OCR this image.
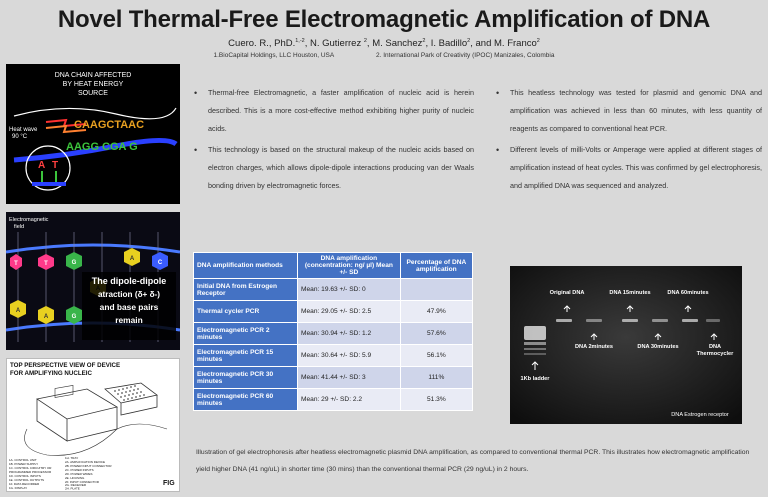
Novel Thermal-Free Electromagnetic Amplification of DNA
Cuero. R., PhD.$^{1,-2}$, N. Gutierrez $^2$, M. Sanchez$^2$, I. Badillo$^2$, and M. Franco$^2$
1.BioCapital Holdings, LLC Houston, USA	2. International Park of Creativity (IPOC) Manizales, Colombia
DNA CHAIN AFFECTED
BY HEAT ENERGY
SOURCE
Heat wave
90 °C
CAAGCTAAC
AAGG CGA G
A T
Electromagnetic
field
T	T	G
A
C
A
A	G
The dipole-dipole
atraction (δ+ δ-)
and base pairs
remain
TOP PERSPECTIVE VIEW OF DEVICE
FOR AMPLIFYING NUCLEIC
1A. CONTROL UNIT
1B. POWER SUPPLY
1C. CONTROL CIRCUITRY OR
PROGRAMMED PROCESSOR
1D. CONTROL INPUTS
1E. CONTROL OUTPUTS
1F. DATA RECORDER
1G. DISPLAY
1H. TRAY
2A. AMPLIFICATION DEVICE
2B. POWER INPUT CONNECTOR
2C. POWER INPUTS
2D. POWER WIRES
2E. HOUSING
2F. INPUT CONNECTOR
2G. RECEIVER
2H. PLATE
FIG
• Thermal-free Electromagnetic, a faster amplification of nucleic acid is herein described. This is a more cost-effective method exhibiting higher purity of nucleic acids.
• This technology is based on the structural makeup of the nucleic acids based on electron charges, which allows dipole-dipole interactions producing van der Waals bonding driven by electromagnetic forces.
• This heatless technology was tested for plasmid and genomic DNA and amplification was achieved in less than 60 minutes, with less quantity of reagents as compared to conventional heat PCR.
• Different levels of milli-Volts or Amperage were applied at different stages of amplification instead of heat cycles. This was confirmed by gel electrophoresis, and amplified DNA was sequenced and analyzed.
DNA amplification methods	DNA amplification (concentration: ng/ µl) Mean +/- SD	Percentage of DNA amplification
Initial DNA from Estrogen Receptor	Mean: 19.63 +/- SD: 0	
Thermal cycler PCR	Mean: 29.05 +/- SD: 2.5	47.9%
Electromagnetic PCR 2 minutes	Mean: 30.94 +/- SD: 1.2	57.6%
Electromagnetic PCR 15 minutes	Mean: 30.64 +/- SD: 5.9	56.1%
Electromagnetic PCR 30 minutes	Mean: 41.44 +/- SD: 3	111%
Electromagnetic PCR 60 minutes	Mean: 29 +/- SD: 2.2	51.3%
Original DNA	DNA 15minutes	DNA 60minutes
DNA 2minutes	DNA 30minutes	DNA Thermocycler
1Kb ladder
DNA Estrogen receptor
Illustration of gel electrophoresis after heatless electromagnetic plasmid DNA amplification, as compared to conventional thermal PCR. This illustrates how electromagnetic amplification yield higher DNA (41 ng/uL) in shorter time (30 mins) than the conventional thermal PCR (29 ng/uL) in 2 hours.
